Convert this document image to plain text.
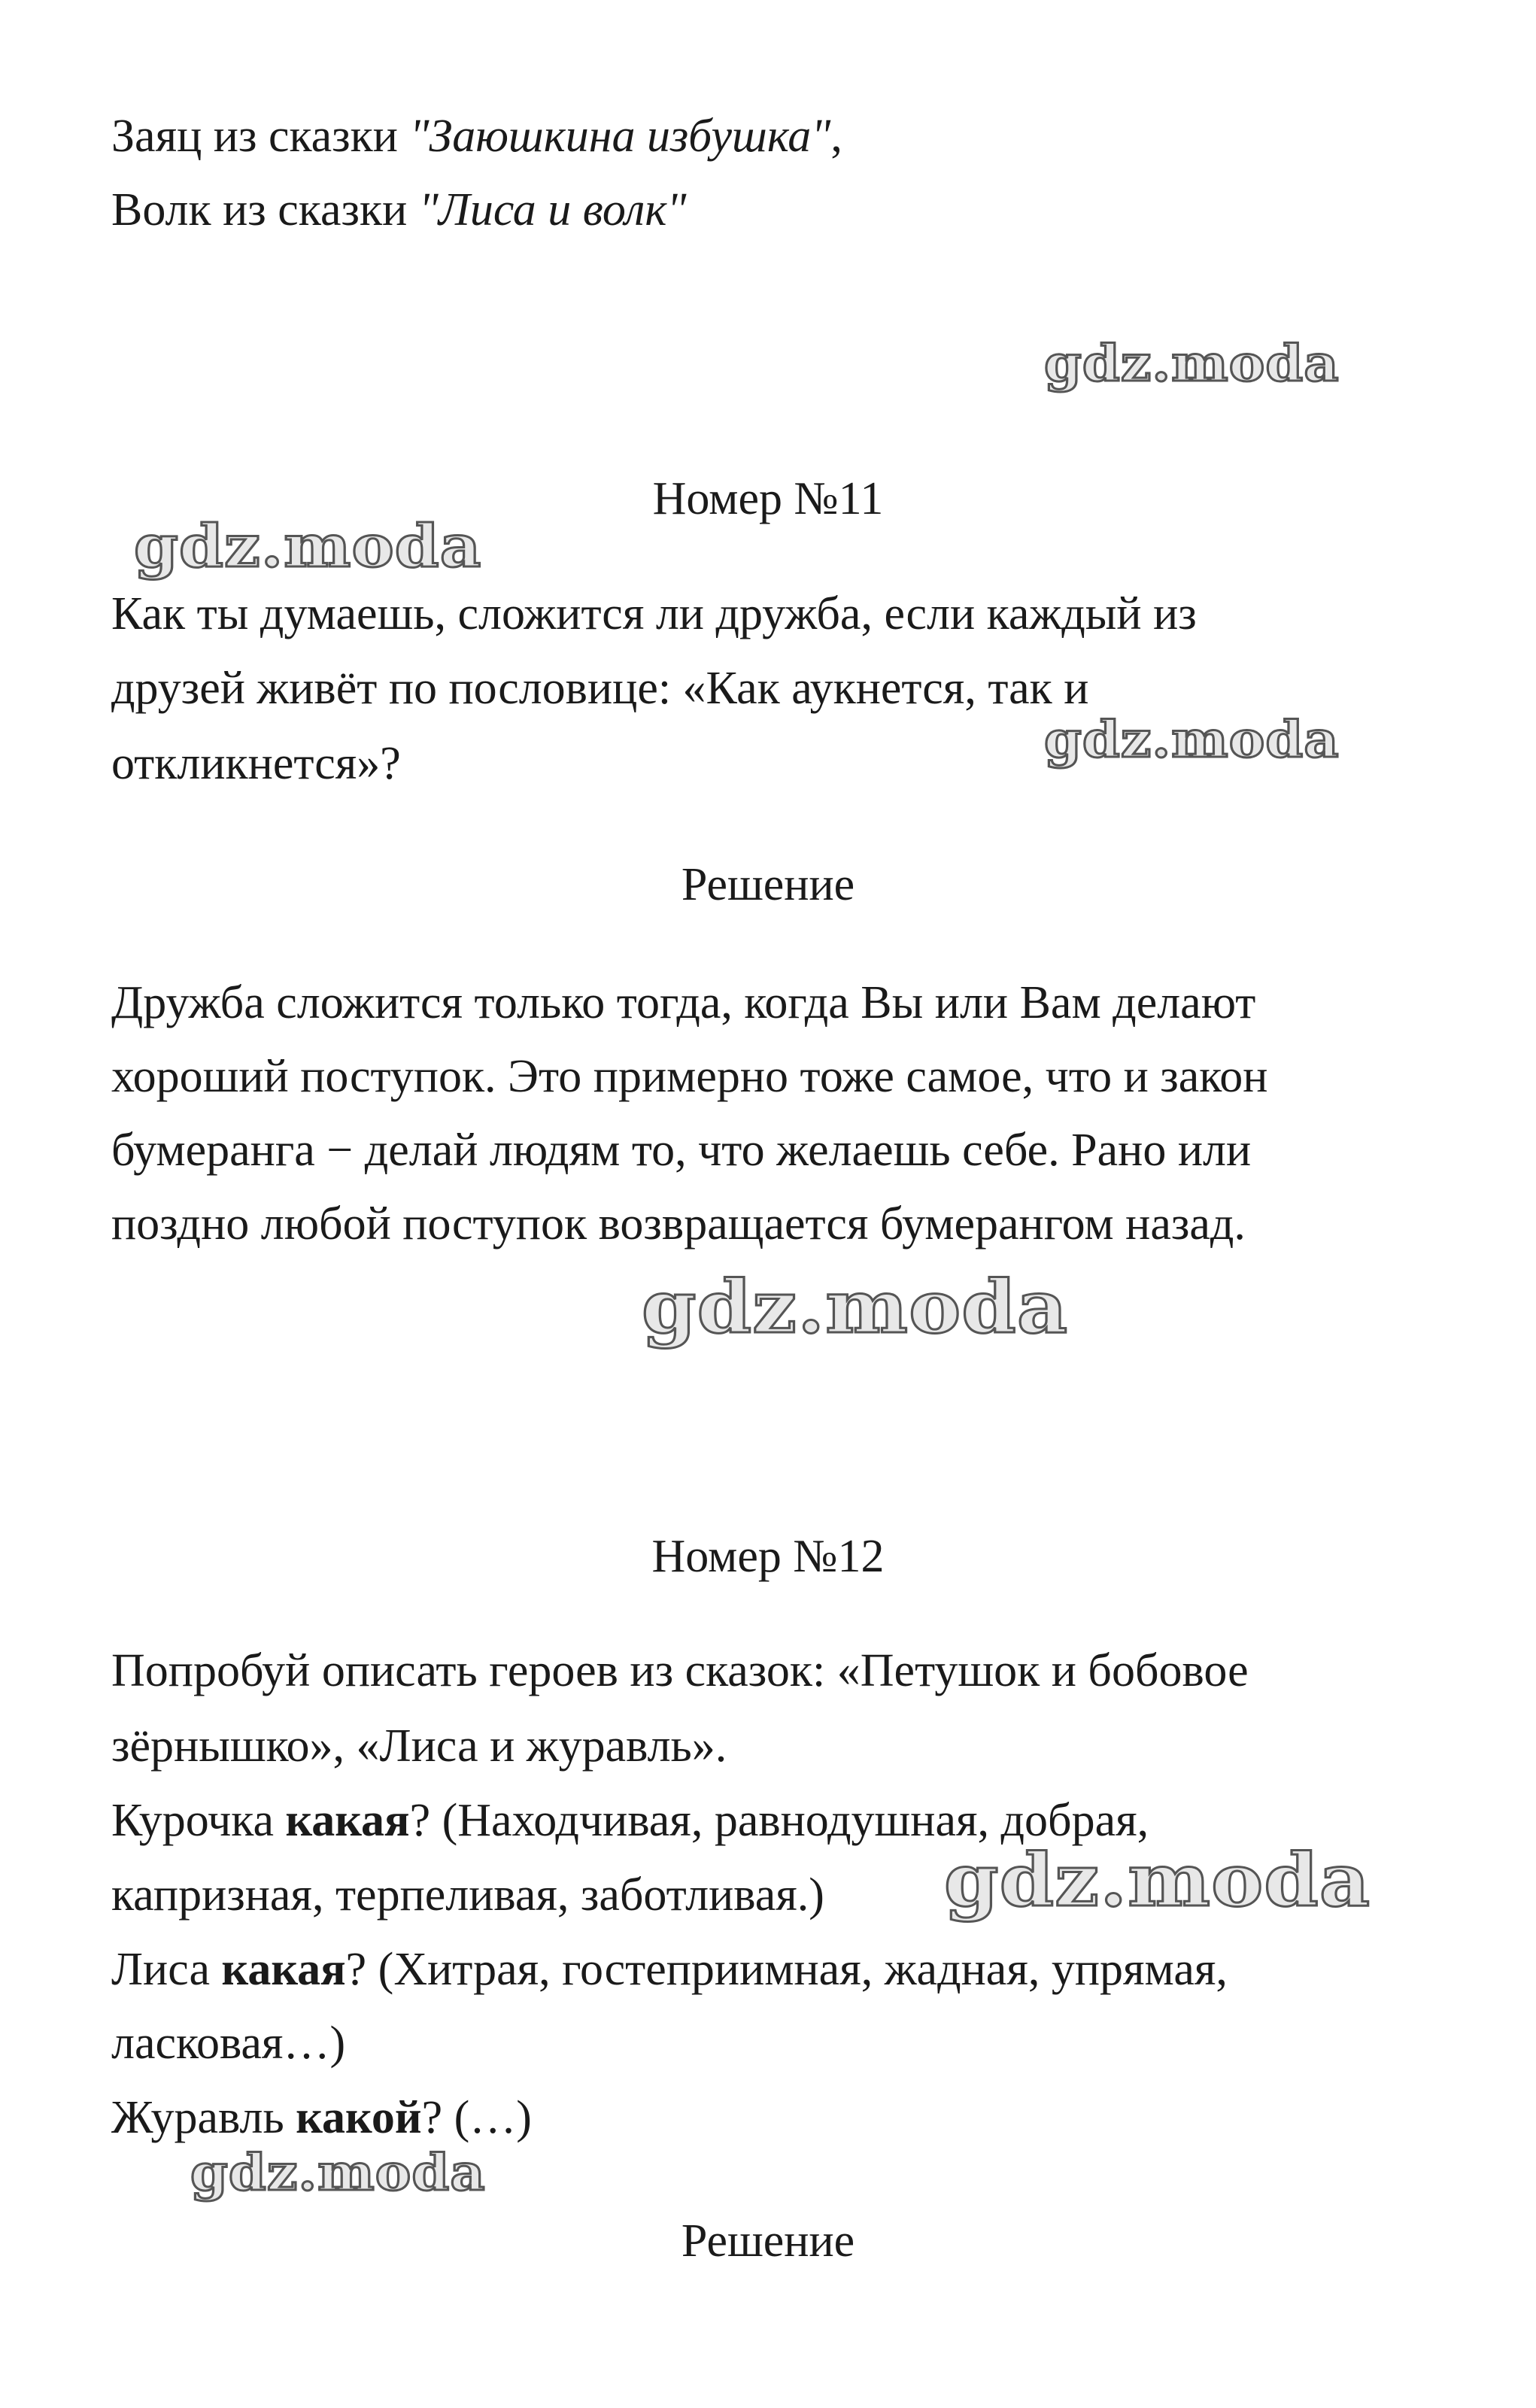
Заяц из сказки "Заюшкина избушка",

Волк из сказки "Лиса и волк"

Номер №11

Как ты думаешь, сложится ли дружба, если каждый из

друзей живёт по пословице: «Как аукнется, так и

откликнется»?

Решение

Дружба сложится только тогда, когда Вы или Вам делают

хороший поступок. Это примерно тоже самое, что и закон

бумеранга − делай людям то, что желаешь себе. Рано или

поздно любой поступок возвращается бумерангом назад.

Номер №12

Попробуй описать героев из сказок: «Петушок и бобовое

зёрнышко», «Лиса и журавль».

Курочка какая? (Находчивая, равнодушная, добрая,

капризная, терпеливая, заботливая.)

Лиса какая? (Хитрая, гостеприимная, жадная, упрямая,

ласковая…)

Журавль какой? (…)

Решение

gdz.moda
gdz.moda
gdz.moda
gdz.moda
gdz.moda
gdz.moda
